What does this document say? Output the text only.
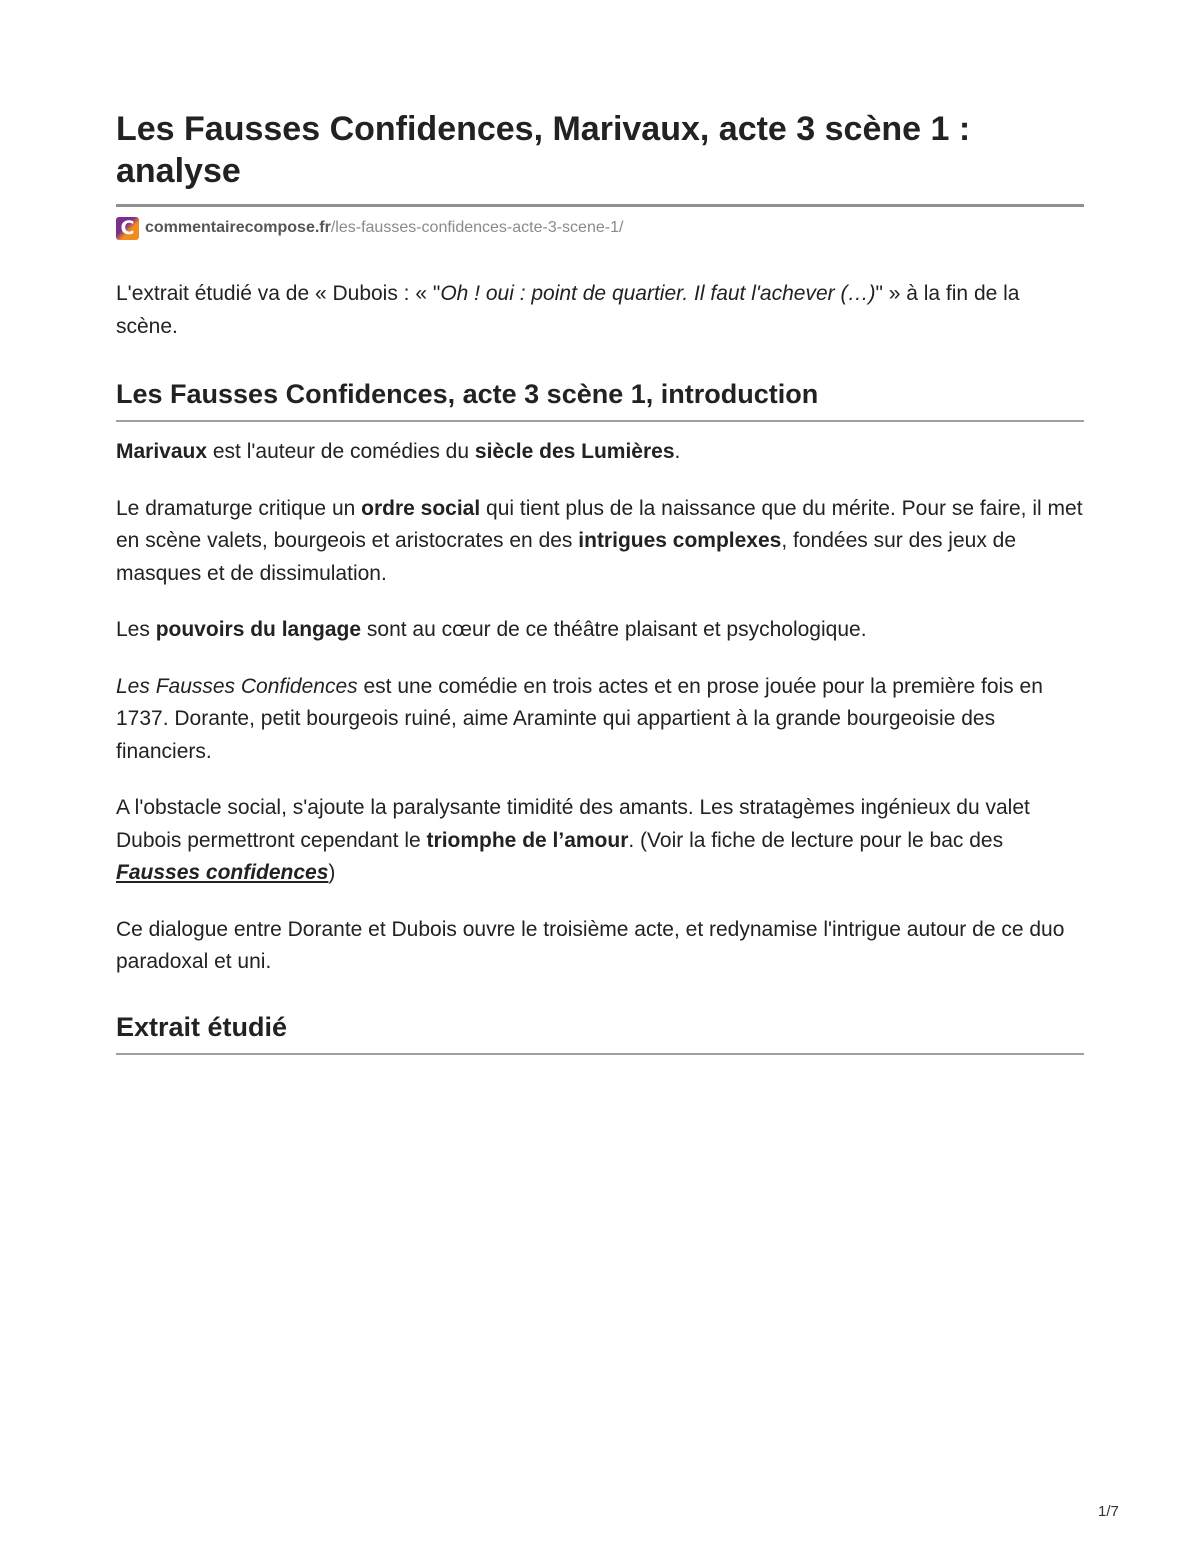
Les Fausses Confidences, Marivaux, acte 3 scène 1 : analyse
C commentairecompose.fr /les-fausses-confidences-acte-3-scene-1/

L'extrait étudié va de « Dubois : « "Oh ! oui : point de quartier. Il faut l'achever (…)" » à la fin de la scène.

Les Fausses Confidences, acte 3 scène 1, introduction

Marivaux est l'auteur de comédies du siècle des Lumières.

Le dramaturge critique un ordre social qui tient plus de la naissance que du mérite. Pour se faire, il met en scène valets, bourgeois et aristocrates en des intrigues complexes, fondées sur des jeux de masques et de dissimulation.

Les pouvoirs du langage sont au cœur de ce théâtre plaisant et psychologique.

Les Fausses Confidences est une comédie en trois actes et en prose jouée pour la première fois en 1737. Dorante, petit bourgeois ruiné, aime Araminte qui appartient à la grande bourgeoisie des financiers.

A l'obstacle social, s'ajoute la paralysante timidité des amants. Les stratagèmes ingénieux du valet Dubois permettront cependant le triomphe de l’amour. (Voir la fiche de lecture pour le bac des Fausses confidences)

Ce dialogue entre Dorante et Dubois ouvre le troisième acte, et redynamise l'intrigue autour de ce duo paradoxal et uni.

Extrait étudié
1/7
